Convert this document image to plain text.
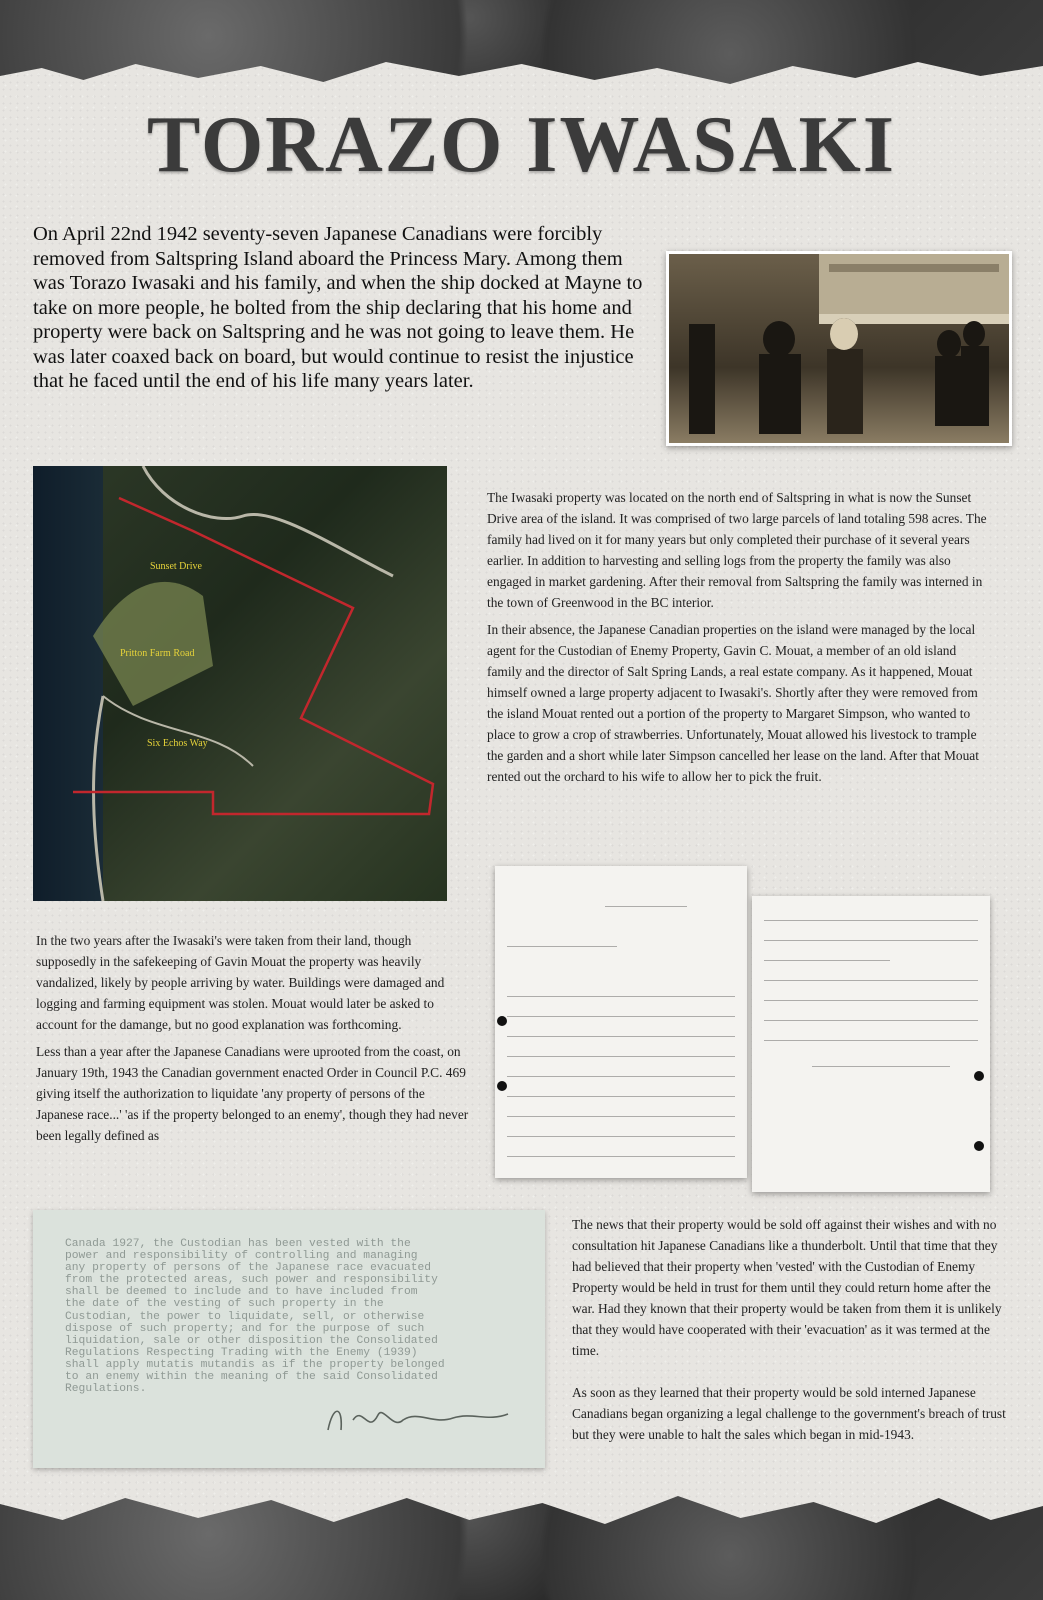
TORAZO IWASAKI

On April 22nd 1942 seventy-seven Japanese Canadians were forcibly removed from Saltspring Island aboard the Princess Mary. Among them was Torazo Iwasaki and his family, and when the ship docked at Mayne to take on more people, he bolted from the ship declaring that his home and property were back on Saltspring and he was not going to leave them. He was later coaxed back on board, but would continue to resist the injustice that he faced until the end of his life many years later.

Sunset Drive
Pritton Farm Road
Six Echos Way

The Iwasaki property was located on the north end of Saltspring in what is now the Sunset Drive area of the island. It was comprised of two large parcels of land totaling 598 acres. The family had lived on it for many years but only completed their purchase of it several years earlier. In addition to harvesting and selling logs from the property the family was also engaged in market gardening. After their removal from Saltspring the family was interned in the town of Greenwood in the BC interior.

In their absence, the Japanese Canadian properties on the island were managed by the local agent for the Custodian of Enemy Property, Gavin C. Mouat, a member of an old island family and the director of Salt Spring Lands, a real estate company. As it happened, Mouat himself owned a large property adjacent to Iwasaki's. Shortly after they were removed from the island Mouat rented out a portion of the property to Margaret Simpson, who wanted to place to grow a crop of strawberries. Unfortunately, Mouat allowed his livestock to trample the garden and a short while later Simpson cancelled her lease on the land. After that Mouat rented out the orchard to his wife to allow her to pick the fruit.

In the two years after the Iwasaki's were taken from their land, though supposedly in the safekeeping of Gavin Mouat the property was heavily vandalized, likely by people arriving by water. Buildings were damaged and logging and farming equipment was stolen. Mouat would later be asked to account for the damange, but no good explanation was forthcoming.

Less than a year after the Japanese Canadians were uprooted from the coast, on January 19th, 1943 the Canadian government enacted Order in Council P.C. 469 giving itself the authorization to liquidate 'any property of persons of the Japanese race...' 'as if the property belonged to an enemy', though they had never been legally defined as

Canada 1927, the Custodian has been vested with the
power and responsibility of controlling and managing
any property of persons of the Japanese race evacuated
from the protected areas, such power and responsibility
shall be deemed to include and to have included from
the date of the vesting of such property in the
Custodian, the power to liquidate, sell, or otherwise
dispose of such property; and for the purpose of such
liquidation, sale or other disposition the Consolidated
Regulations Respecting Trading with the Enemy (1939)
shall apply mutatis mutandis as if the property belonged
to an enemy within the meaning of the said Consolidated
Regulations.

The news that their property would be sold off against their wishes and with no consultation hit Japanese Canadians like a thunderbolt. Until that time that they had believed that their property when 'vested' with the Custodian of Enemy Property would be held in trust for them until they could return home after the war. Had they known that their property would be taken from them it is unlikely that they would have cooperated with their 'evacuation' as it was termed at the time.

As soon as they learned that their property would be sold interned Japanese Canadians began organizing a legal challenge to the government's breach of trust but they were unable to halt the sales which began in mid-1943.
